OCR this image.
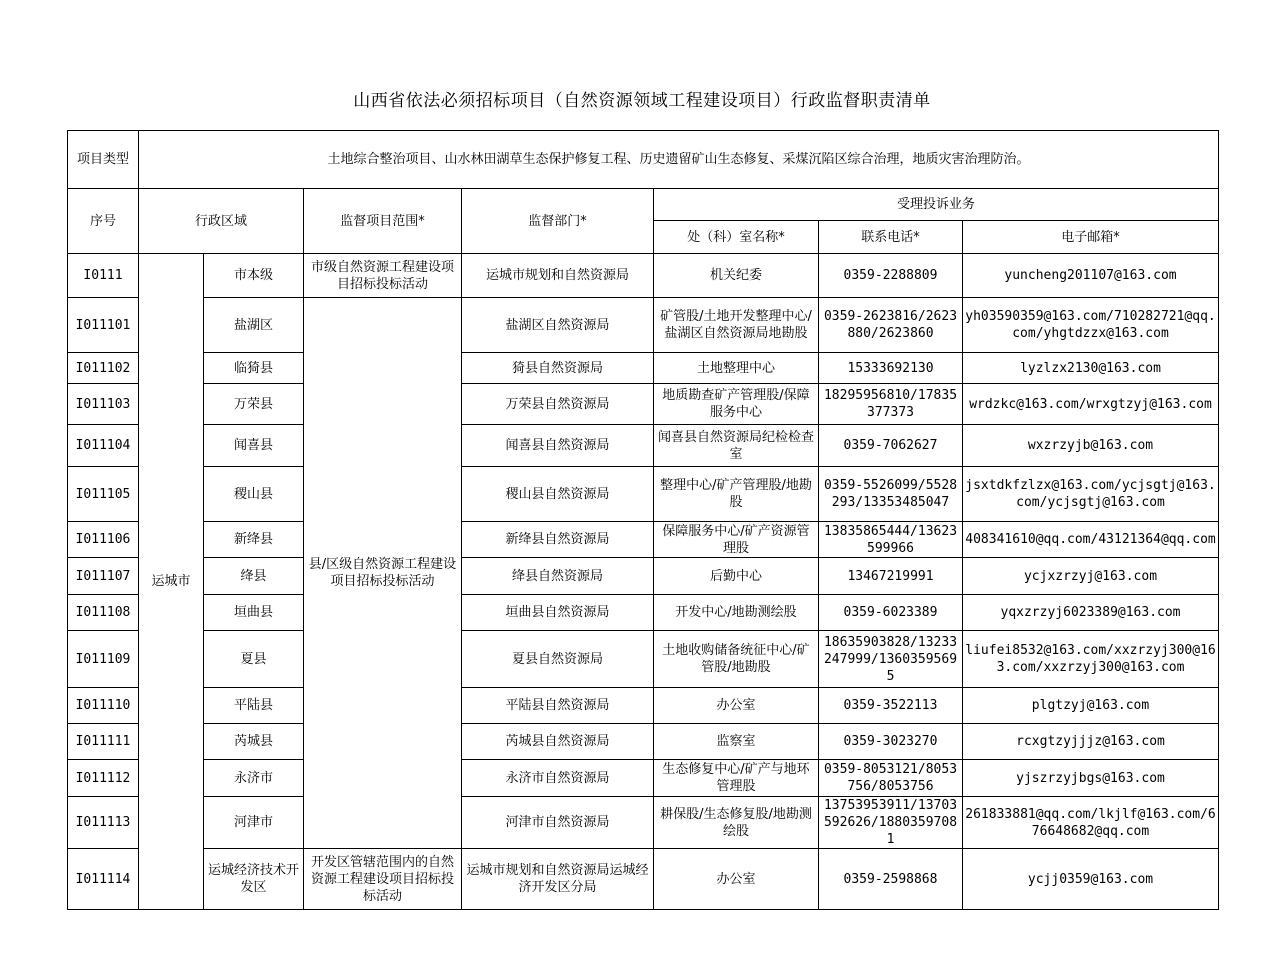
山西省依法必须招标项目（自然资源领域工程建设项目）行政监督职责清单
项目类型	土地综合整治项目、山水林田湖草生态保护修复工程、历史遗留矿山生态修复、采煤沉陷区综合治理，地质灾害治理防治。						
序号	行政区域		监督项目范围*	监督部门*	受理投诉业务		
					处（科）室名称*	联系电话*	电子邮箱*
I0111	运城市	市本级	市级自然资源工程建设项目招标投标活动	运城市规划和自然资源局	机关纪委	0359-2288809	yuncheng201107@163.com
I011101		盐湖区	县/区级自然资源工程建设项目招标投标活动	盐湖区自然资源局	矿管股/土地开发整理中心/盐湖区自然资源局地勘股	0359-2623816/2623880/2623860	yh03590359@163.com/710282721@qq.com/yhgtdzzx@163.com
I011102		临猗县		猗县自然资源局	土地整理中心	15333692130	lyzlzx2130@163.com
I011103		万荣县		万荣县自然资源局	地质勘查矿产管理股/保障服务中心	18295956810/17835377373	wrdzkc@163.com/wrxgtzyj@163.com
I011104		闻喜县		闻喜县自然资源局	闻喜县自然资源局纪检检查室	0359-7062627	wxzrzyjb@163.com
I011105		稷山县		稷山县自然资源局	整理中心/矿产管理股/地勘股	0359-5526099/5528293/13353485047	jsxtdkfzlzx@163.com/ycjsgtj@163.com/ycjsgtj@163.com
I011106		新绛县		新绛县自然资源局	保障服务中心/矿产资源管理股	13835865444/13623599966	408341610@qq.com/43121364@qq.com
I011107		绛县		绛县自然资源局	后勤中心	13467219991	ycjxzrzyj@163.com
I011108		垣曲县		垣曲县自然资源局	开发中心/地勘测绘股	0359-6023389	yqxzrzyj6023389@163.com
I011109		夏县		夏县自然资源局	土地收购储备统征中心/矿管股/地勘股	18635903828/13233247999/13603595695	liufei8532@163.com/xxzrzyj300@163.com/xxzrzyj300@163.com
I011110		平陆县		平陆县自然资源局	办公室	0359-3522113	plgtzyj@163.com
I011111		芮城县		芮城县自然资源局	监察室	0359-3023270	rcxgtzyjjjz@163.com
I011112		永济市		永济市自然资源局	生态修复中心/矿产与地环管理股	0359-8053121/8053756/8053756	yjszrzyjbgs@163.com
I011113		河津市		河津市自然资源局	耕保股/生态修复股/地勘测绘股	13753953911/13703592626/18803597081	261833881@qq.com/lkjlf@163.com/676648682@qq.com
I011114		运城经济技术开发区	开发区管辖范围内的自然资源工程建设项目招标投标活动	运城市规划和自然资源局运城经济开发区分局	办公室	0359-2598868	ycjj0359@163.com
